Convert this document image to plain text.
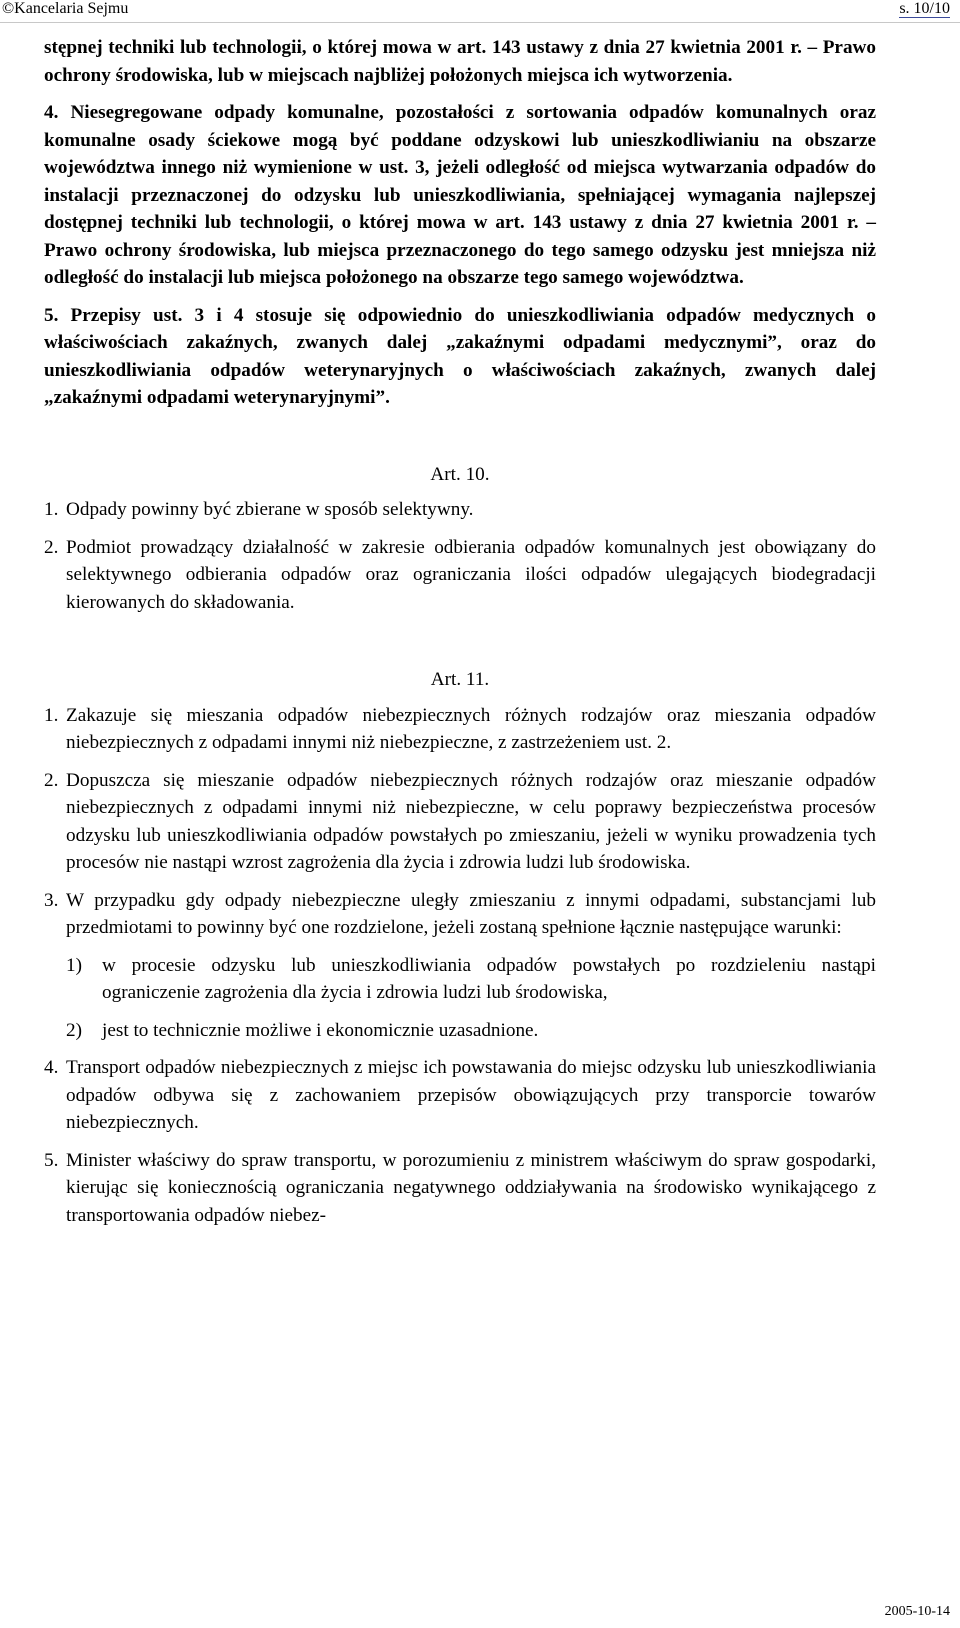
©Kancelaria Sejmu	s. 10/10

stępnej techniki lub technologii, o której mowa w art. 143 ustawy z dnia 27 kwietnia 2001 r. – Prawo ochrony środowiska, lub w miejscach najbliżej położonych miejsca ich wytworzenia.

4. Niesegregowane odpady komunalne, pozostałości z sortowania odpadów komunalnych oraz komunalne osady ściekowe mogą być poddane odzyskowi lub unieszkodliwianiu na obszarze województwa innego niż wymienione w ust. 3, jeżeli odległość od miejsca wytwarzania odpadów do instalacji przeznaczonej do odzysku lub unieszkodliwiania, spełniającej wymagania najlepszej dostępnej techniki lub technologii, o której mowa w art. 143 ustawy z dnia 27 kwietnia 2001 r. – Prawo ochrony środowiska, lub miejsca przeznaczonego do tego samego odzysku jest mniejsza niż odległość do instalacji lub miejsca położonego na obszarze tego samego województwa.

5. Przepisy ust. 3 i 4 stosuje się odpowiednio do unieszkodliwiania odpadów medycznych o właściwościach zakaźnych, zwanych dalej „zakaźnymi odpadami medycznymi”, oraz do unieszkodliwiania odpadów weterynaryjnych o właściwościach zakaźnych, zwanych dalej „zakaźnymi odpadami weterynaryjnymi”.

Art. 10.

1. Odpady powinny być zbierane w sposób selektywny.
2. Podmiot prowadzący działalność w zakresie odbierania odpadów komunalnych jest obowiązany do selektywnego odbierania odpadów oraz ograniczania ilości odpadów ulegających biodegradacji kierowanych do składowania.

Art. 11.

1. Zakazuje się mieszania odpadów niebezpiecznych różnych rodzajów oraz mieszania odpadów niebezpiecznych z odpadami innymi niż niebezpieczne, z zastrzeżeniem ust. 2.
2. Dopuszcza się mieszanie odpadów niebezpiecznych różnych rodzajów oraz mieszanie odpadów niebezpiecznych z odpadami innymi niż niebezpieczne, w celu poprawy bezpieczeństwa procesów odzysku lub unieszkodliwiania odpadów powstałych po zmieszaniu, jeżeli w wyniku prowadzenia tych procesów nie nastąpi wzrost zagrożenia dla życia i zdrowia ludzi lub środowiska.
3. W przypadku gdy odpady niebezpieczne uległy zmieszaniu z innymi odpadami, substancjami lub przedmiotami to powinny być one rozdzielone, jeżeli zostaną spełnione łącznie następujące warunki:
1)	w procesie odzysku lub unieszkodliwiania odpadów powstałych po rozdzieleniu nastąpi ograniczenie zagrożenia dla życia i zdrowia ludzi lub środowiska,
2)	jest to technicznie możliwe i ekonomicznie uzasadnione.
4. Transport odpadów niebezpiecznych z miejsc ich powstawania do miejsc odzysku lub unieszkodliwiania odpadów odbywa się z zachowaniem przepisów obowiązujących przy transporcie towarów niebezpiecznych.
5. Minister właściwy do spraw transportu, w porozumieniu z ministrem właściwym do spraw gospodarki, kierując się koniecznością ograniczania negatywnego oddziaływania na środowisko wynikającego z transportowania odpadów niebez-
2005-10-14
